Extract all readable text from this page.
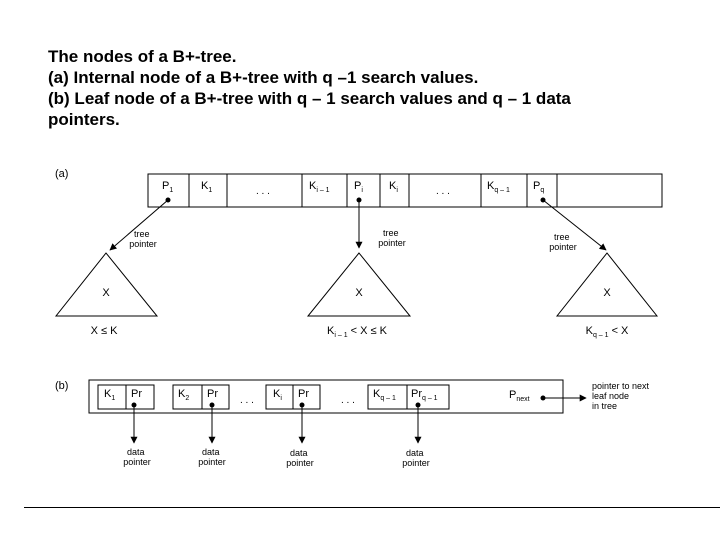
The nodes of a B+-tree.
(a) Internal node of a B+-tree with q –1 search values.
(b) Leaf node of a B+-tree with q – 1 search values and q – 1 data
pointers.
(a)
$P_1$	$K_1$	. . .	$K_{i - 1}$ $P_i$ $K_i$	. . .	$K_{q - 1}$ $P_q$
tree pointer
tree pointer
tree pointer
X	X	X
X ≤ K	$K_{i - 1} < X \le K$	$K_{q - 1} < X$
(b)
$K_1$ Pr	$K_2$ Pr
. . .
$K_i$ Pr
. . .
$K_{q - 1}$ $Pr_{q - 1}$	$P_{next}$
data pointer
data pointer
data pointer
data pointer
pointer to next leaf node in tree
